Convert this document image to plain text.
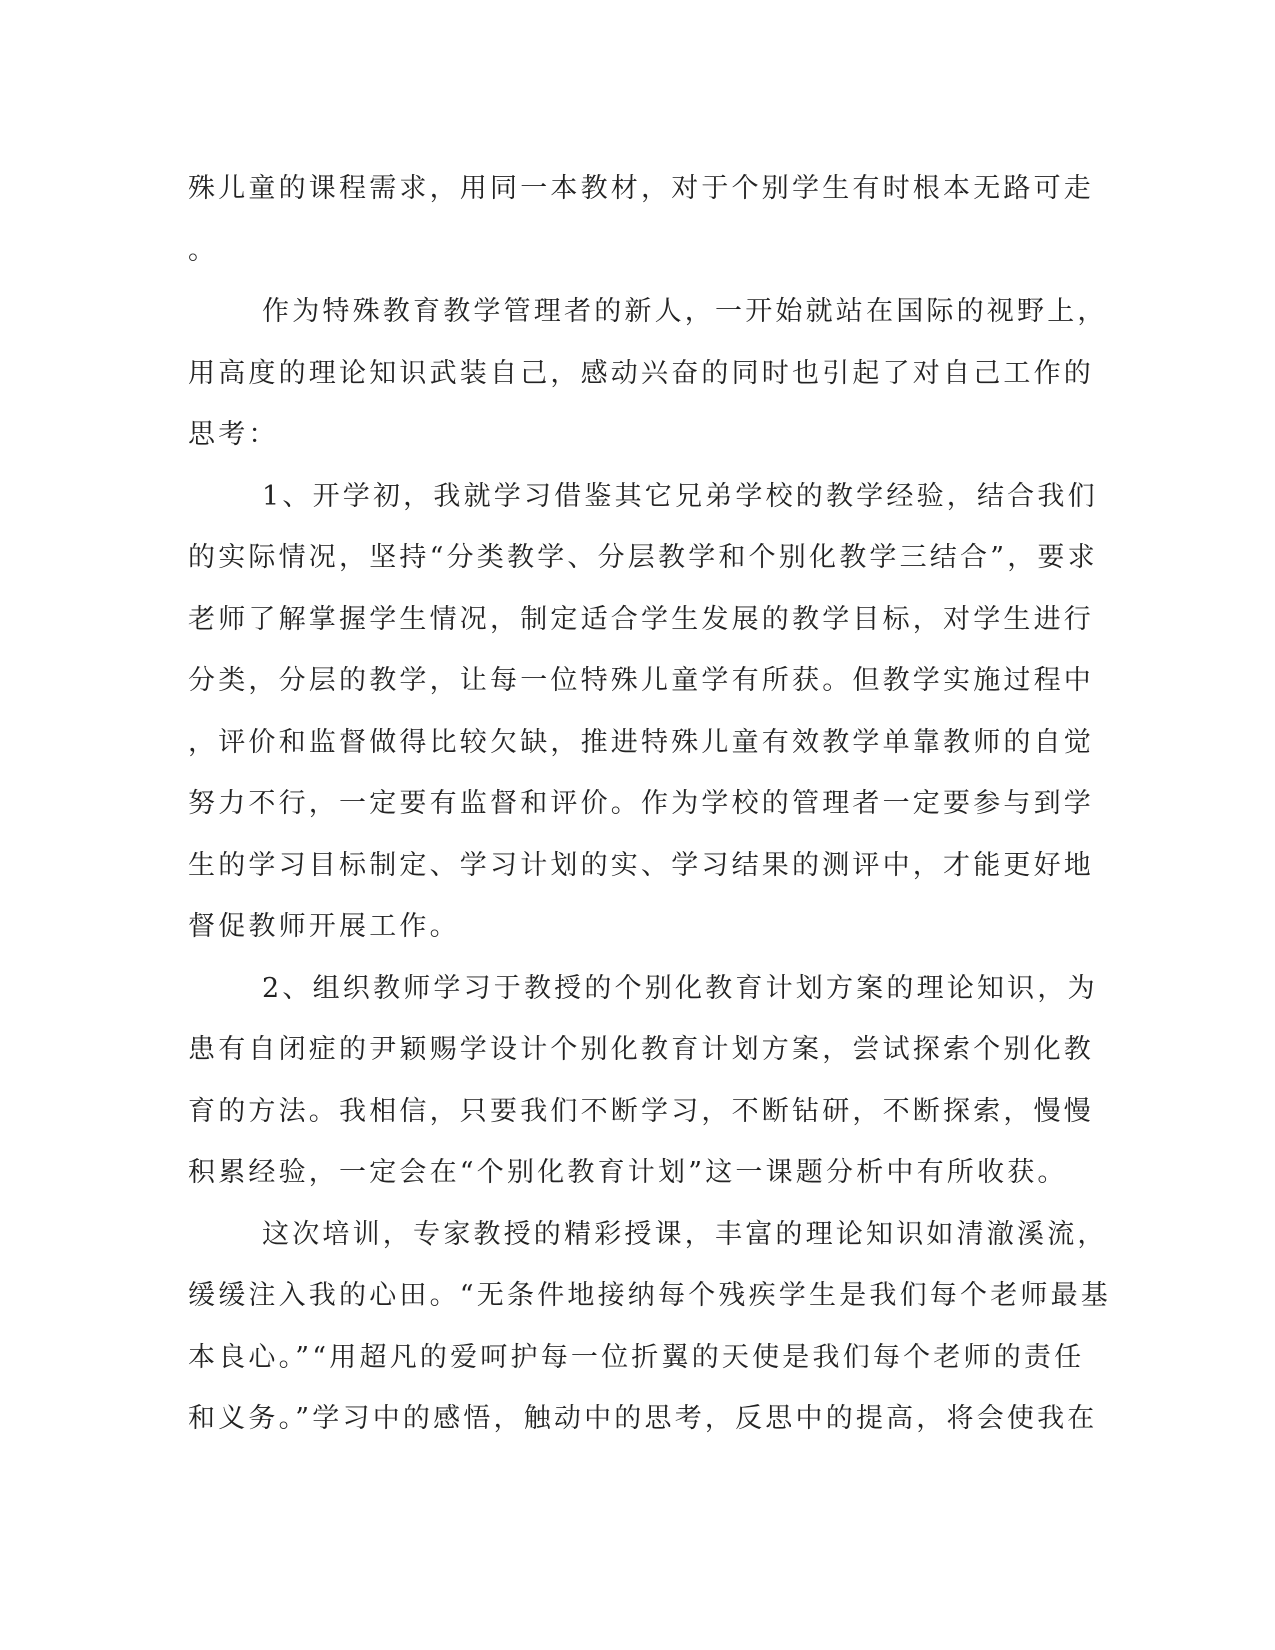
殊儿童的课程需求，用同一本教材，对于个别学生有时根本无路可走
。
作为特殊教育教学管理者的新人，一开始就站在国际的视野上，
用高度的理论知识武装自己，感动兴奋的同时也引起了对自己工作的
思考：
1、开学初，我就学习借鉴其它兄弟学校的教学经验，结合我们
的实际情况，坚持“分类教学、分层教学和个别化教学三结合”，要求
老师了解掌握学生情况，制定适合学生发展的教学目标，对学生进行
分类，分层的教学，让每一位特殊儿童学有所获。但教学实施过程中
，评价和监督做得比较欠缺，推进特殊儿童有效教学单靠教师的自觉
努力不行，一定要有监督和评价。作为学校的管理者一定要参与到学
生的学习目标制定、学习计划的实、学习结果的测评中，才能更好地
督促教师开展工作。
2、组织教师学习于教授的个别化教育计划方案的理论知识，为
患有自闭症的尹颖赐学设计个别化教育计划方案，尝试探索个别化教
育的方法。我相信，只要我们不断学习，不断钻研，不断探索，慢慢
积累经验，一定会在“个别化教育计划”这一课题分析中有所收获。
这次培训，专家教授的精彩授课，丰富的理论知识如清澈溪流，
缓缓注入我的心田。“无条件地接纳每个残疾学生是我们每个老师最基
本良心。”“用超凡的爱呵护每一位折翼的天使是我们每个老师的责任
和义务。”学习中的感悟，触动中的思考，反思中的提高，将会使我在
